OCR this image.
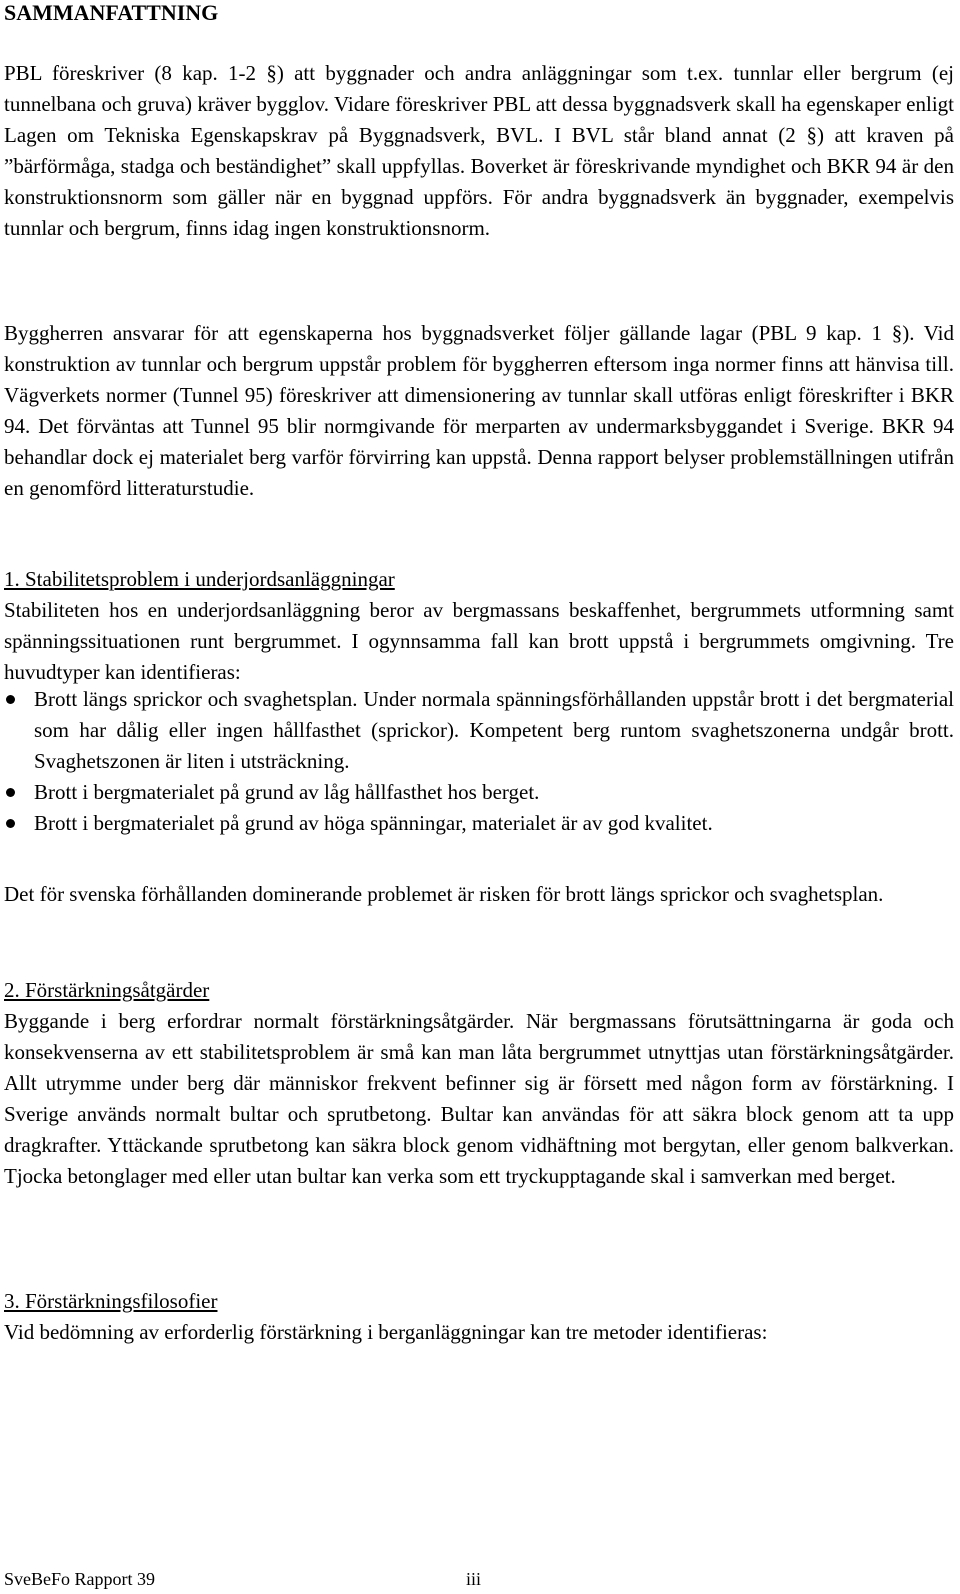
SAMMANFATTNING
PBL föreskriver (8 kap. 1-2 §) att byggnader och andra anläggningar som t.ex. tunnlar eller bergrum (ej tunnelbana och gruva) kräver bygglov. Vidare föreskriver PBL att dessa byggnadsverk skall ha egenskaper enligt Lagen om Tekniska Egenskapskrav på Byggnadsverk, BVL. I BVL står bland annat (2 §) att kraven på ”bärförmåga, stadga och beständighet” skall uppfyllas. Boverket är föreskrivande myndighet och BKR 94 är den konstruktionsnorm som gäller när en byggnad uppförs. För andra byggnadsverk än byggnader, exempelvis tunnlar och bergrum, finns idag ingen konstruktionsnorm.
Byggherren ansvarar för att egenskaperna hos byggnadsverket följer gällande lagar (PBL 9 kap. 1 §). Vid konstruktion av tunnlar och bergrum uppstår problem för byggherren eftersom inga normer finns att hänvisa till. Vägverkets normer (Tunnel 95) föreskriver att dimensionering av tunnlar skall utföras enligt föreskrifter i BKR 94. Det förväntas att Tunnel 95 blir normgivande för merparten av undermarksbyggandet i Sverige. BKR 94 behandlar dock ej materialet berg varför förvirring kan uppstå. Denna rapport belyser problemställningen utifrån en genomförd litteraturstudie.
1. Stabilitetsproblem i underjordsanläggningar
Stabiliteten hos en underjordsanläggning beror av bergmassans beskaffenhet, bergrummets utformning samt spänningssituationen runt bergrummet. I ogynnsamma fall kan brott uppstå i bergrummets omgivning. Tre huvudtyper kan identifieras:
Brott längs sprickor och svaghetsplan. Under normala spänningsförhållanden uppstår brott i det bergmaterial som har dålig eller ingen hållfasthet (sprickor). Kompetent berg runtom svaghetszonerna undgår brott. Svaghetszonen är liten i utsträckning.
Brott i bergmaterialet på grund av låg hållfasthet hos berget.
Brott i bergmaterialet på grund av höga spänningar, materialet är av god kvalitet.
Det för svenska förhållanden dominerande problemet är risken för brott längs sprickor och svaghetsplan.
2. Förstärkningsåtgärder
Byggande i berg erfordrar normalt förstärkningsåtgärder. När bergmassans förutsättningarna är goda och konsekvenserna av ett stabilitetsproblem är små kan man låta bergrummet utnyttjas utan förstärkningsåtgärder. Allt utrymme under berg där människor frekvent befinner sig är försett med någon form av förstärkning. I Sverige används normalt bultar och sprutbetong. Bultar kan användas för att säkra block genom att ta upp dragkrafter. Yttäckande sprutbetong kan säkra block genom vidhäftning mot bergytan, eller genom balkverkan. Tjocka betonglager med eller utan bultar kan verka som ett tryckupptagande skal i samverkan med berget.
3. Förstärkningsfilosofier
Vid bedömning av erforderlig förstärkning i berganläggningar kan tre metoder identifieras:
SveBeFo Rapport 39	iii
